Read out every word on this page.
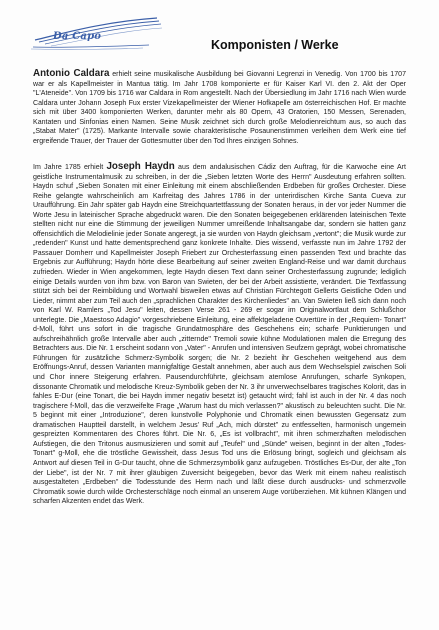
Da Capo
Komponisten / Werke
Antonio Caldara erhielt seine musikalische Ausbildung bei Giovanni Legrenzi in Venedig. Von 1700 bis 1707 war er als Kapellmeister in Mantua tätig. Im Jahr 1708 komponierte er für Kaiser Karl VI. den 2. Akt der Oper "L'Ateneide". Von 1709 bis 1716 war Caldara in Rom angestellt. Nach der Übersiedlung im Jahr 1716 nach Wien wurde Caldara unter Johann Joseph Fux erster Vizekapellmeister der Wiener Hofkapelle am österreichischen Hof. Er machte sich mit über 3400 komponierten Werken, darunter mehr als 80 Opern, 43 Oratorien, 150 Messen, Serenaden, Kantaten und Sinfonias einen Namen. Seine Musik zeichnet sich durch große Melodienreichtum aus, so auch das „Stabat Mater" (1725). Markante Intervalle sowie charakteristische Posaunenstimmen verleihen dem Werk eine tief ergreifende Trauer, der Trauer der Gottesmutter über den Tod Ihres einzigen Sohnes.
Im Jahre 1785 erhielt Joseph Haydn aus dem andalusischen Cádiz den Auftrag, für die Karwoche eine Art geistliche Instrumentalmusik zu schreiben, in der die „Sieben letzten Worte des Herrn" Ausdeutung erfahren sollten. Haydn schuf „Sieben Sonaten mit einer Einleitung mit einem abschließenden Erdbeben für großes Orchester. Diese Reihe gelangte wahrscheinlich am Karfreitag des Jahres 1786 in der unterirdischen Kirche Santa Cueva zur Uraufführung. Ein Jahr später gab Haydn eine Streichquartettfassung der Sonaten heraus, in der vor jeder Nummer die Worte Jesu in lateinischer Sprache abgedruckt waren. Die den Sonaten beigegebenen erklärenden lateinischen Texte stellten nicht nur eine die Stimmung der jeweiligen Nummer umreißende Inhaltsangabe dar, sondern sie hatten ganz offensichtlich die Melodielinie jeder Sonate angeregt, ja sie wurden von Haydn gleichsam „vertont"; die Musik wurde zur „redenden" Kunst und hatte dementsprechend ganz konkrete Inhalte. Dies wissend, verfasste nun im Jahre 1792 der Passauer Domherr und Kapellmeister Joseph Friebert zur Orchesterfassung einen passenden Text und brachte das Ergebnis zur Aufführung; Haydn hörte diese Bearbeitung auf seiner zweiten England-Reise und war damit durchaus zufrieden. Wieder in Wien angekommen, legte Haydn diesen Text dann seiner Orchesterfassung zugrunde; lediglich einige Details wurden von ihm bzw. von Baron van Swieten, der bei der Arbeit assistierte, verändert. Die Textfassung stützt sich bei der Reimbildung und Wortwahl bisweilen etwas auf Christian Fürchtegott Gellerts Geistliche Oden und Lieder, nimmt aber zum Teil auch den „sprachlichen Charakter des Kirchenliedes" an. Van Swieten ließ sich dann noch von Karl W. Ramlers „Tod Jesu" leiten, dessen Verse 261 - 269 er sogar im Originalwortlaut dem Schlußchor unterlegte. Die „Maestoso Adagio" vorgeschriebene Einleitung, eine affektgeladene Ouvertüre in der „Requiem- Tonart" d-Moll, führt uns sofort in die tragische Grundatmosphäre des Geschehens ein; scharfe Punktierungen und aufschreihähnlich große Intervalle aber auch „zitternde" Tremoli sowie kühne Modulationen malen die Erregung des Betrachters aus. Die Nr. 1 erscheint sodann von „Vater" - Anrufen und intensiven Seufzern geprägt, wobei chromatische Führungen für zusätzliche Schmerz-Symbolik sorgen; die Nr. 2 bezieht ihr Geschehen weitgehend aus dem Eröffnungs-Anruf, dessen Varianten mannigfaltige Gestalt annehmen, aber auch aus dem Wechselspiel zwischen Soli und Chor innere Steigerung erfahren. Pausendurchführte, gleichsam atemlose Anrufungen, scharfe Synkopen, dissonante Chromatik und melodische Kreuz-Symbolik geben der Nr. 3 ihr unverwechselbares tragisches Kolorit, das in fahles E-Dur (eine Tonart, die bei Haydn immer negativ besetzt ist) getaucht wird; fahl ist auch in der Nr. 4 das noch tragischere f-Moll, das die verzweifelte Frage „Warum hast du mich verlassen?" akustisch zu beleuchten sucht. Die Nr. 5 beginnt mit einer „Introduzione", deren kunstvolle Polyphonie und Chromatik einen bewussten Gegensatz zum dramatischen Hauptteil darstellt, in welchem Jesus' Ruf „Ach, mich dürstet" zu entfesselten, harmonisch ungemein gespreizten Kommentaren des Chores führt. Die Nr. 6, „Es ist vollbracht", mit ihren schmerzhaften melodischen Aufstiegen, die den Tritonus ausmusizieren und somit auf „Teufel" und „Sünde" weisen, beginnt in der alten „Todes-Tonart" g-Moll, ehe die tröstliche Gewissheit, dass Jesus Tod uns die Erlösung bringt, sogleich und gleichsam als Antwort auf diesen Teil in G-Dur taucht, ohne die Schmerzsymbolik ganz aufzugeben. Tröstliches Es-Dur, der alte „Ton der Liebe", ist der Nr. 7 mit ihrer gläubigen Zuversicht beigegeben, bevor das Werk mit einem naheu realistisch ausgestalteten „Erdbeben" die Todesstunde des Herrn nach und läßt diese durch ausdrucks- und schmerzvolle Chromatik sowie durch wilde Orchesterschläge noch einmal an unserem Auge vorüberziehen. Mit kühnen Klängen und scharfen Akzenten endet das Werk.
